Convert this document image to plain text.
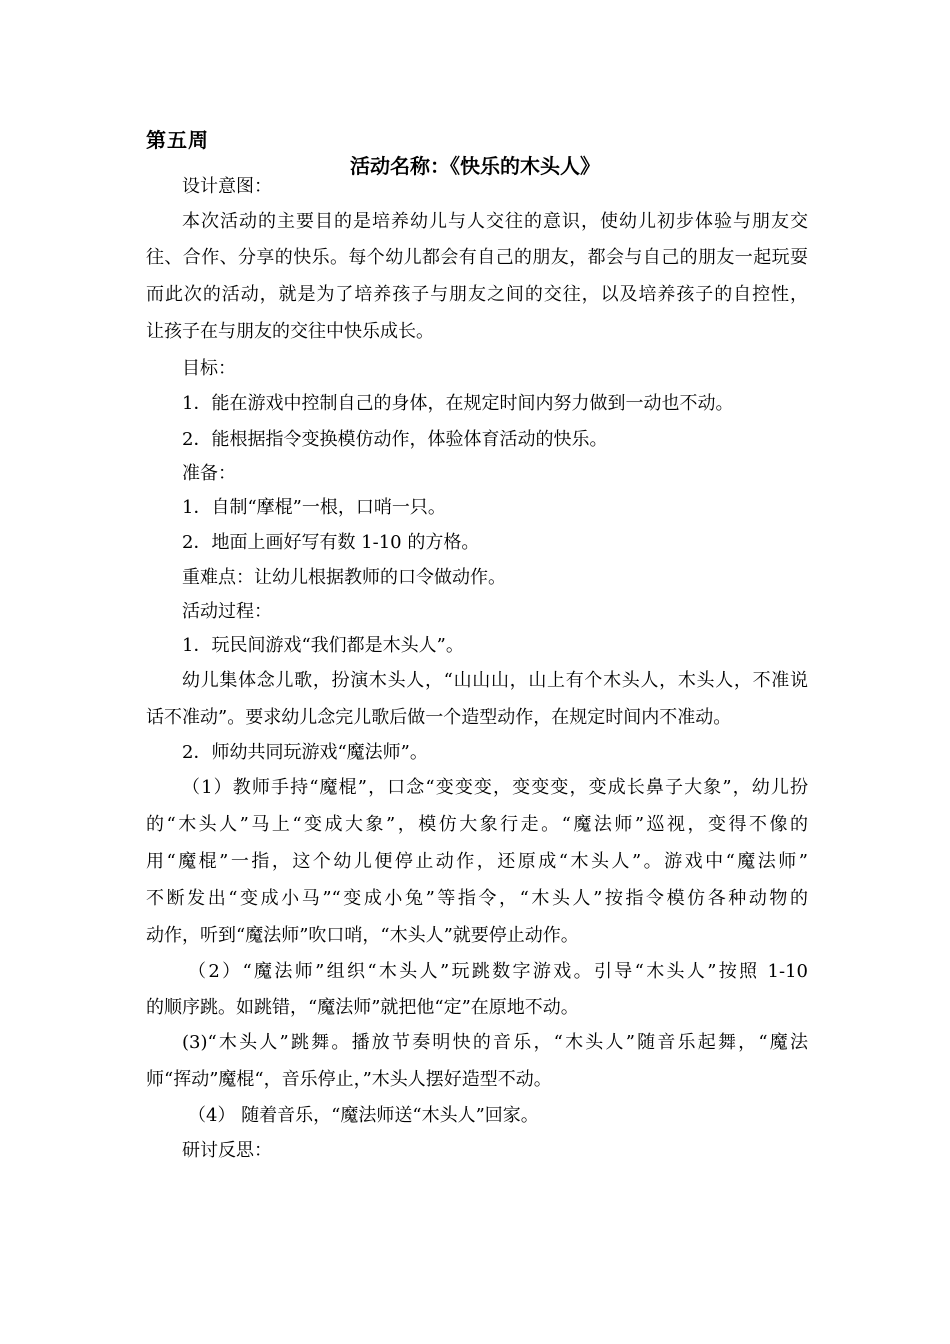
第五周
活动名称：《快乐的木头人》
设计意图：
本次活动的主要目的是培养幼儿与人交往的意识，使幼儿初步体验与朋友交
往、合作、分享的快乐。每个幼儿都会有自己的朋友，都会与自己的朋友一起玩耍
而此次的活动，就是为了培养孩子与朋友之间的交往，以及培养孩子的自控性，
让孩子在与朋友的交往中快乐成长。
目标：
1．能在游戏中控制自己的身体，在规定时间内努力做到一动也不动。
2．能根据指令变换模仿动作，体验体育活动的快乐。
准备：
1．自制“摩棍”一根，口哨一只。
2．地面上画好写有数 1-10 的方格。
重难点：让幼儿根据教师的口令做动作。
活动过程：
1．玩民间游戏“我们都是木头人”。
幼儿集体念儿歌，扮演木头人，“山山山，山上有个木头人，木头人，不准说
话不准动”。要求幼儿念完儿歌后做一个造型动作，在规定时间内不准动。
2．师幼共同玩游戏“魔法师”。
（1）教师手持“魔棍”，口念“变变变，变变变，变成长鼻子大象”，幼儿扮
的“木头人”马上“变成大象”，模仿大象行走。“魔法师”巡视，变得不像的
用“魔棍”一指，这个幼儿便停止动作，还原成“木头人”。游戏中“魔法师”
不断发出“变成小马”“变成小兔”等指令，“木头人”按指令模仿各种动物的
动作，听到“魔法师”吹口哨，“木头人”就要停止动作。
（2）“魔法师”组织“木头人”玩跳数字游戏。引导“木头人”按照 1-10
的顺序跳。如跳错，“魔法师”就把他“定”在原地不动。
(3)“木头人”跳舞。播放节奏明快的音乐，“木头人”随音乐起舞，“魔法
师“挥动”魔棍“，音乐停止，”木头人摆好造型不动。
（4） 随着音乐，“魔法师送“木头人”回家。
研讨反思：
